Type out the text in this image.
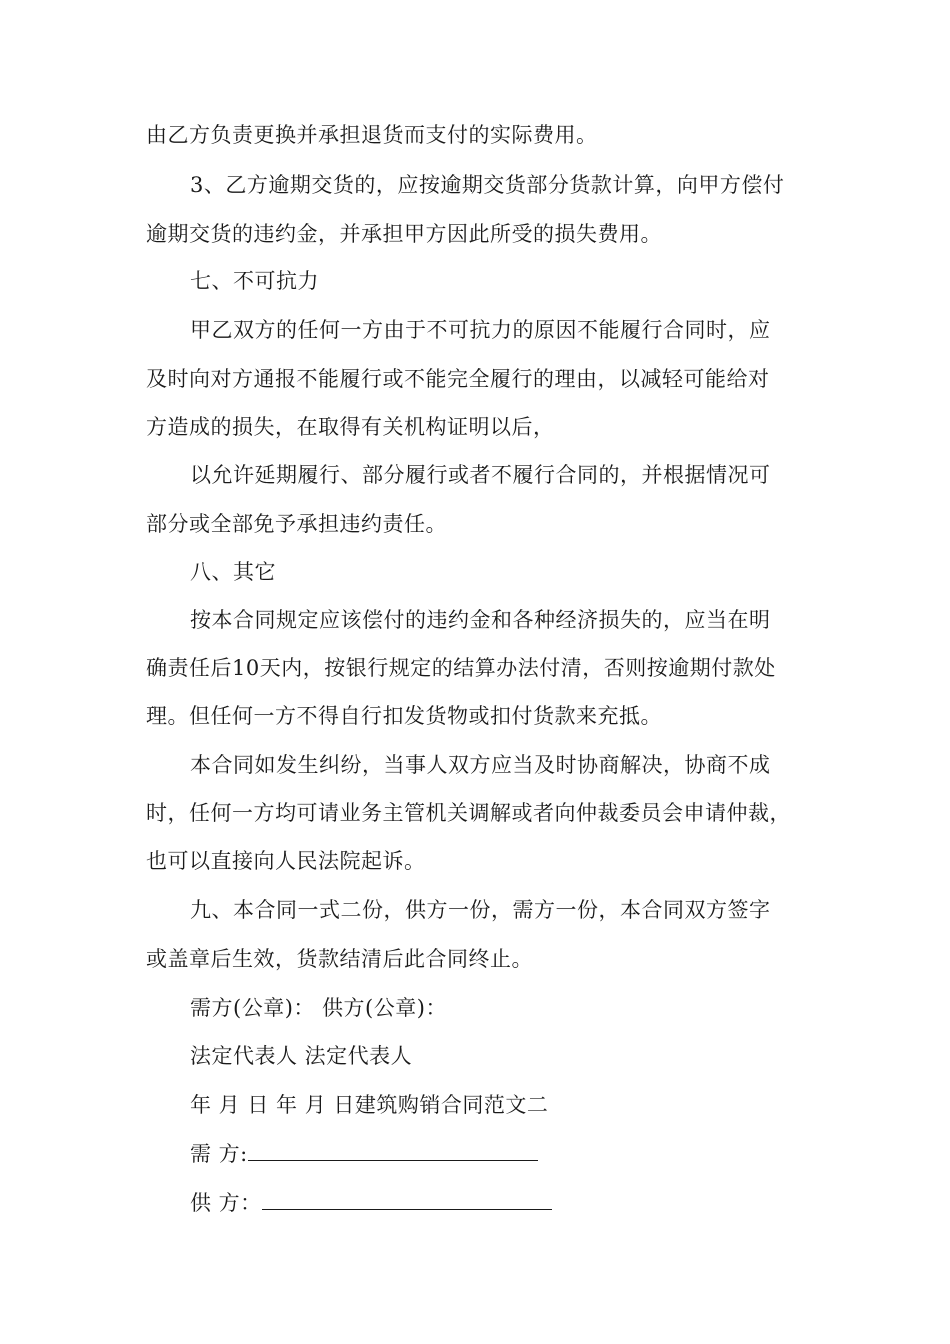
由乙方负责更换并承担退货而支付的实际费用。
3、乙方逾期交货的，应按逾期交货部分货款计算，向甲方偿付
逾期交货的违约金，并承担甲方因此所受的损失费用。
七、不可抗力
甲乙双方的任何一方由于不可抗力的原因不能履行合同时，应
及时向对方通报不能履行或不能完全履行的理由，以减轻可能给对
方造成的损失，在取得有关机构证明以后，
以允许延期履行、部分履行或者不履行合同的，并根据情况可
部分或全部免予承担违约责任。
八、其它
按本合同规定应该偿付的违约金和各种经济损失的，应当在明
确责任后10天内，按银行规定的结算办法付清，否则按逾期付款处
理。但任何一方不得自行扣发货物或扣付货款来充抵。
本合同如发生纠纷，当事人双方应当及时协商解决，协商不成
时，任何一方均可请业务主管机关调解或者向仲裁委员会申请仲裁，
也可以直接向人民法院起诉。
九、本合同一式二份，供方一份，需方一份，本合同双方签字
或盖章后生效，货款结清后此合同终止。
需方(公章)： 供方(公章)：
法定代表人 法定代表人
年 月 日 年 月 日建筑购销合同范文二
需 方:
供 方：
